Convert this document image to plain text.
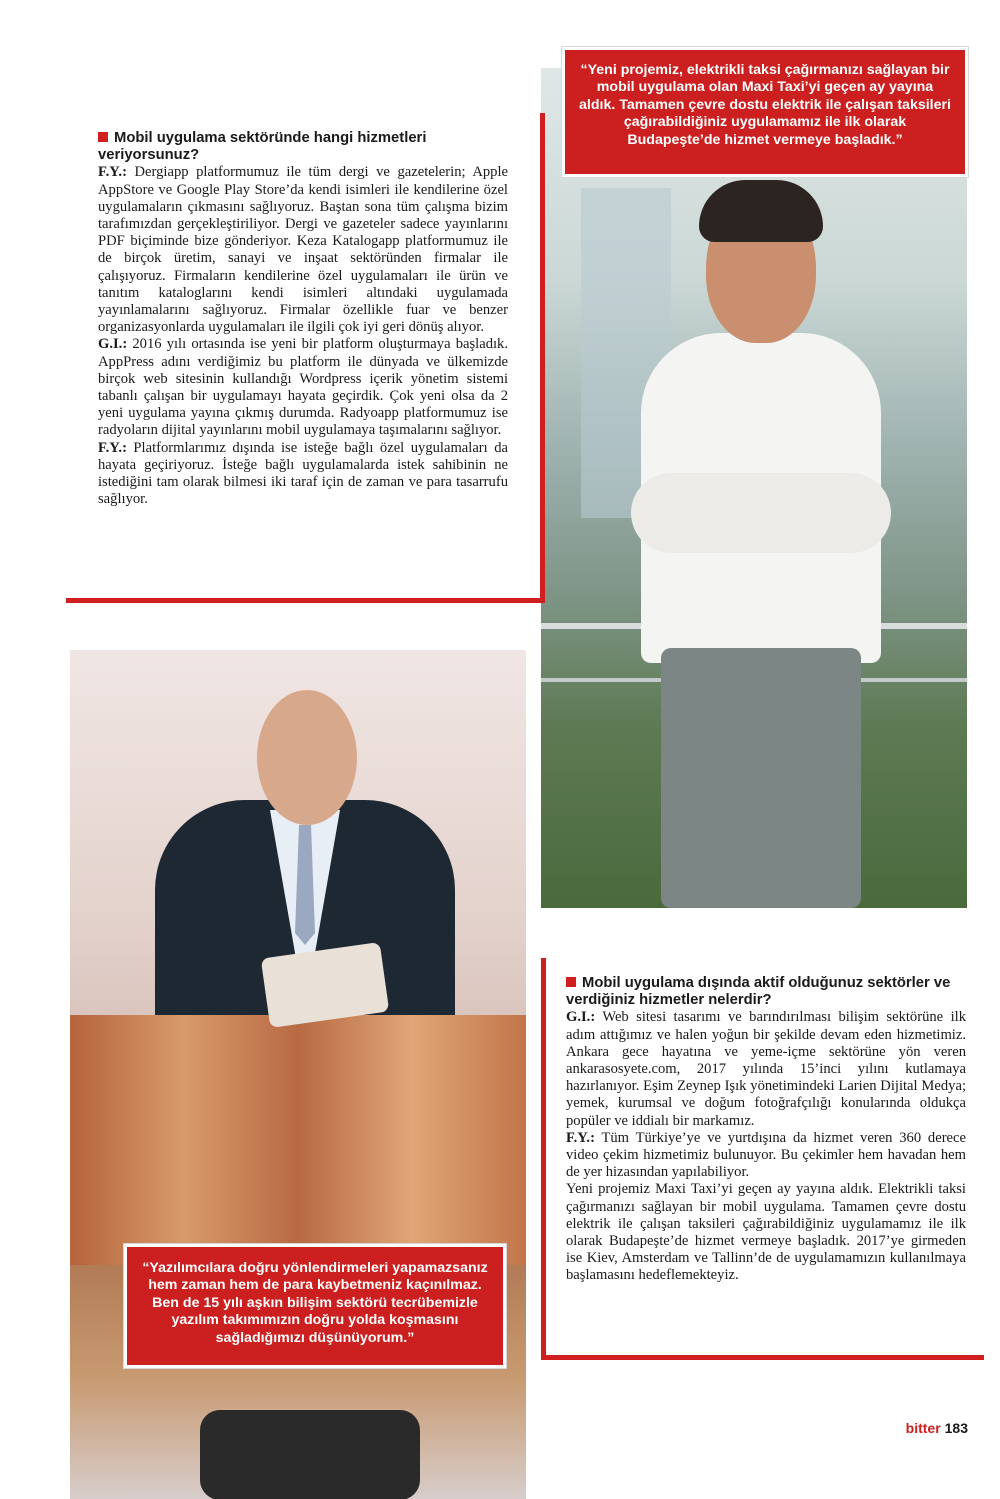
Mobil uygulama sektöründe hangi hizmetleri veriyorsunuz?

F.Y.: Dergiapp platformumuz ile tüm dergi ve gazetelerin; Apple AppStore ve Google Play Store’da kendi isimleri ile kendilerine özel uygulamaların çıkmasını sağlıyoruz. Baştan sona tüm çalışma bizim tarafımızdan gerçekleştiriliyor. Dergi ve gazeteler sadece yayınlarını PDF biçiminde bize gönderiyor. Keza Katalogapp platformumuz ile de birçok üretim, sanayi ve inşaat sektöründen firmalar ile çalışıyoruz. Firmaların kendilerine özel uygulamaları ile ürün ve tanıtım kataloglarını kendi isimleri altındaki uygulamada yayınlamalarını sağlıyoruz. Firmalar özellikle fuar ve benzer organizasyonlarda uygulamaları ile ilgili çok iyi geri dönüş alıyor.

G.I.: 2016 yılı ortasında ise yeni bir platform oluşturmaya başladık. AppPress adını verdiğimiz bu platform ile dünyada ve ülkemizde birçok web sitesinin kullandığı Wordpress içerik yönetim sistemi tabanlı çalışan bir uygulamayı hayata geçirdik. Çok yeni olsa da 2 yeni uygulama yayına çıkmış durumda. Radyoapp platformumuz ise radyoların dijital yayınlarını mobil uygulamaya taşımalarını sağlıyor.

F.Y.: Platformlarımız dışında ise isteğe bağlı özel uygulamaları da hayata geçiriyoruz. İsteğe bağlı uygulamalarda istek sahibinin ne istediğini tam olarak bilmesi iki taraf için de zaman ve para tasarrufu sağlıyor.

Mobil uygulama dışında aktif olduğunuz sektörler ve verdiğiniz hizmetler nelerdir?

G.I.: Web sitesi tasarımı ve barındırılması bilişim sektörüne ilk adım attığımız ve halen yoğun bir şekilde devam eden hizmetimiz. Ankara gece hayatına ve yeme-içme sektörüne yön veren ankarasosyete.com, 2017 yılında 15’inci yılını kutlamaya hazırlanıyor. Eşim Zeynep Işık yönetimindeki Larien Dijital Medya; yemek, kurumsal ve doğum fotoğrafçılığı konularında oldukça popüler ve iddialı bir markamız.

F.Y.: Tüm Türkiye’ye ve yurtdışına da hizmet veren 360 derece video çekim hizmetimiz bulunuyor. Bu çekimler hem havadan hem de yer hizasından yapılabiliyor.

Yeni projemiz Maxi Taxi’yi geçen ay yayına aldık. Elektrikli taksi çağırmanızı sağlayan bir mobil uygulama. Tamamen çevre dostu elektrik ile çalışan taksileri çağırabildiğiniz uygulamamız ile ilk olarak Budapeşte’de hizmet vermeye başladık. 2017’ye girmeden ise Kiev, Amsterdam ve Tallinn’de de uygulamamızın kullanılmaya başlamasını hedeflemekteyiz.

“Yeni projemiz, elektrikli taksi çağırmanızı sağlayan bir mobil uygulama olan Maxi Taxi’yi geçen ay yayına aldık. Tamamen çevre dostu elektrik ile çalışan taksileri çağırabildiğiniz uygulamamız ile ilk olarak Budapeşte’de hizmet vermeye başladık.”
“Yazılımcılara doğru yönlendirmeleri yapamazsanız hem zaman hem de para kaybetmeniz kaçınılmaz. Ben de 15 yılı aşkın bilişim sektörü tecrübemizle yazılım takımımızın doğru yolda koşmasını sağladığımızı düşünüyorum.”
bitter 183
